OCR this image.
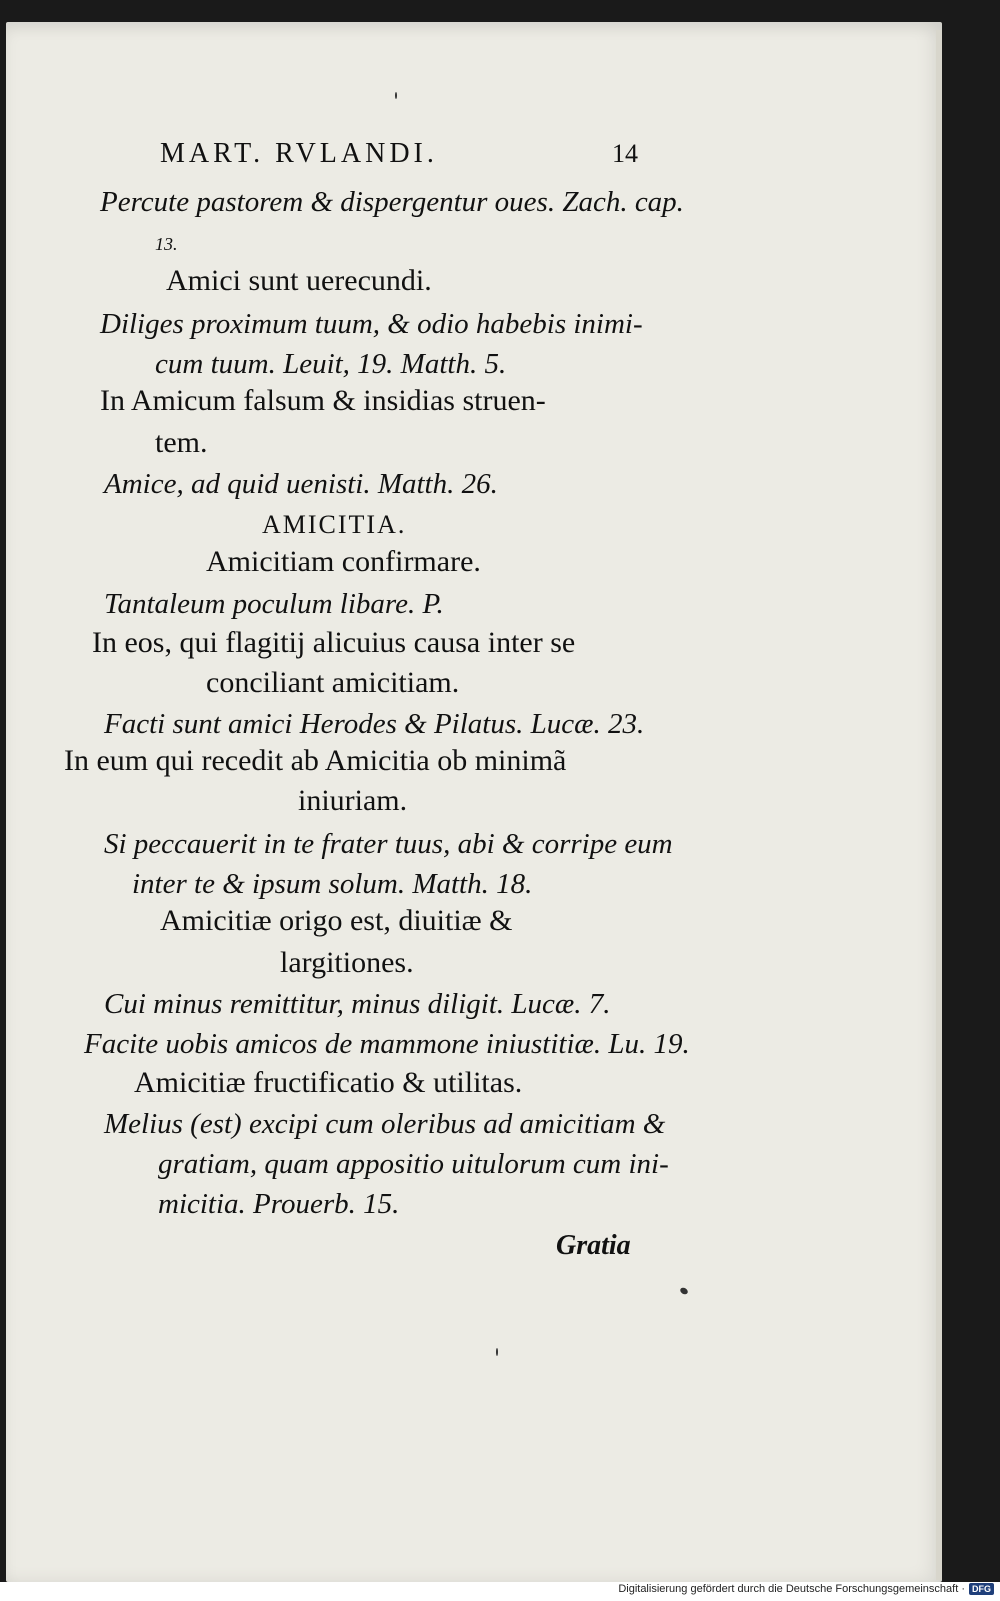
MART. RVLANDI.	14
Percute pastorem & dispergentur oues. Zach. cap.
13.
Amici sunt uerecundi.
Diliges proximum tuum, & odio habebis inimi-
cum tuum. Leuit, 19. Matth. 5.
In Amicum falsum & insidias struen-
tem.
Amice, ad quid uenisti. Matth. 26.
AMICITIA.
Amicitiam confirmare.
Tantaleum poculum libare. P.
In eos, qui flagitij alicuius causa inter se
conciliant amicitiam.
Facti sunt amici Herodes & Pilatus. Lucæ. 23.
In eum qui recedit ab Amicitia ob minimã
iniuriam.
Si peccauerit in te frater tuus, abi & corripe eum
inter te & ipsum solum. Matth. 18.
Amicitiæ origo est, diuitiæ &
largitiones.
Cui minus remittitur, minus diligit. Lucæ. 7.
Facite uobis amicos de mammone iniustitiæ. Lu. 19.
Amicitiæ fructificatio & utilitas.
Melius (est) excipi cum oleribus ad amicitiam &
gratiam, quam appositio uitulorum cum ini-
micitia. Prouerb. 15.
Gratia
Digitalisierung gefördert durch die Deutsche Forschungsgemeinschaft · DFG
